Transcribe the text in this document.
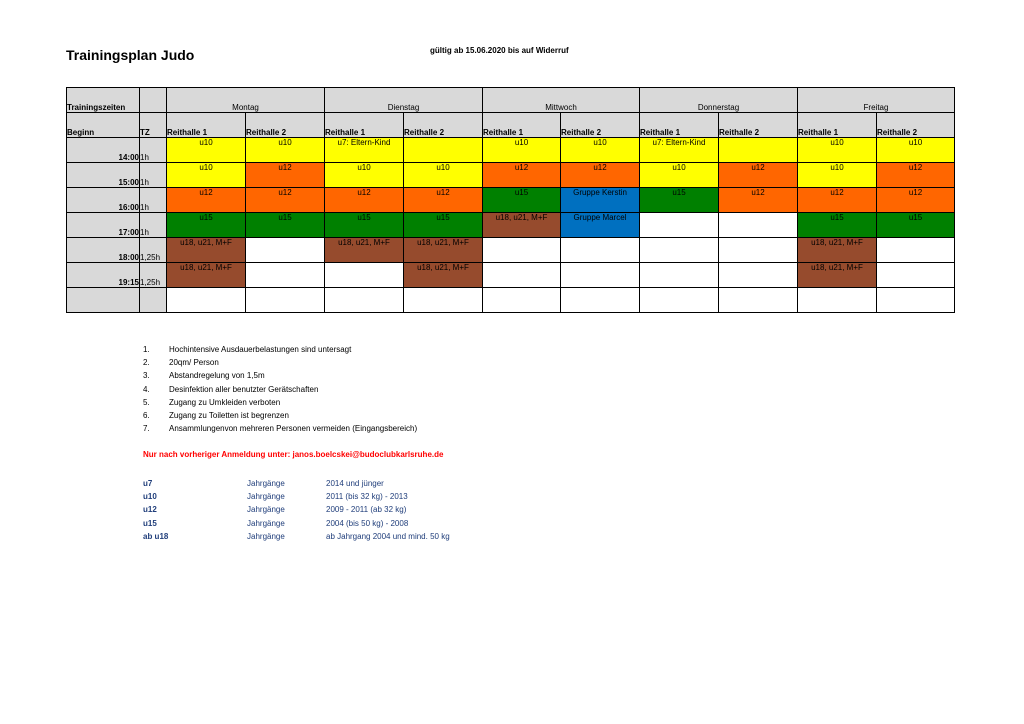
Trainingsplan Judo	gültig ab 15.06.2020 bis auf Widerruf
Trainingszeiten		Montag		Dienstag		Mittwoch		Donnerstag		Freitag	
Beginn	TZ	Reithalle 1	Reithalle 2	Reithalle 1	Reithalle 2	Reithalle 1	Reithalle 2	Reithalle 1	Reithalle 2	Reithalle 1	Reithalle 2
14:00	1h	u10	u10	u7: Eltern-Kind		u10	u10	u7: Eltern-Kind		u10	u10
15:00	1h	u10	u12	u10	u10	u12	u12	u10	u12	u10	u12
16:00	1h	u12	u12	u12	u12	u15	Gruppe Kerstin	u15	u12	u12	u12
17:00	1h	u15	u15	u15	u15	u18, u21, M+F	Gruppe Marcel			u15	u15
18:00	1,25h	u18, u21, M+F		u18, u21, M+F	u18, u21, M+F					u18, u21, M+F	
19:15	1,25h	u18, u21, M+F			u18, u21, M+F					u18, u21, M+F	

1. Hochintensive Ausdauerbelastungen sind untersagt
2. 20qm/ Person
3. Abstandregelung von 1,5m
4. Desinfektion aller benutzter Gerätschaften
5. Zugang zu Umkleiden verboten
6. Zugang zu Toiletten ist begrenzen
7. Ansammlungenvon mehreren Personen vermeiden (Eingangsbereich)
Nur nach vorheriger Anmeldung unter: janos.boelcskei@budoclubkarlsruhe.de
u7	Jahrgänge	2014 und jünger
u10	Jahrgänge	2011 (bis 32 kg) - 2013
u12	Jahrgänge	2009 - 2011 (ab 32 kg)
u15	Jahrgänge	2004 (bis 50 kg) - 2008
ab u18	Jahrgänge	ab Jahrgang 2004 und mind. 50 kg
